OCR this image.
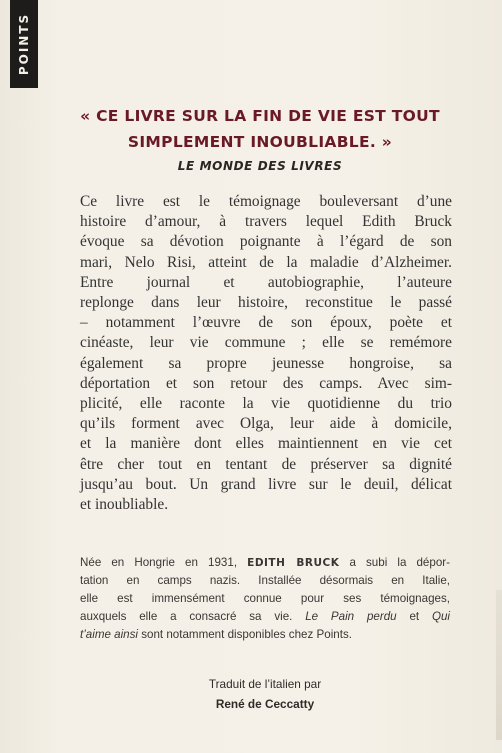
POINTS
« CE LIVRE SUR LA FIN DE VIE EST TOUT
SIMPLEMENT INOUBLIABLE. »
LE MONDE DES LIVRES
Ce livre est le témoignage bouleversant d’une
histoire d’amour, à travers lequel Edith Bruck
évoque sa dévotion poignante à l’égard de son
mari, Nelo Risi, atteint de la maladie d’Alzheimer.
Entre journal et autobiographie, l’auteure
replonge dans leur histoire, reconstitue le passé
– notamment l’œuvre de son époux, poète et
cinéaste, leur vie commune ; elle se remémore
également sa propre jeunesse hongroise, sa
déportation et son retour des camps. Avec sim-
plicité, elle raconte la vie quotidienne du trio
qu’ils forment avec Olga, leur aide à domicile,
et la manière dont elles maintiennent en vie cet
être cher tout en tentant de préserver sa dignité
jusqu’au bout. Un grand livre sur le deuil, délicat
et inoubliable.
Née en Hongrie en 1931, EDITH BRUCK a subi la dépor-
tation en camps nazis. Installée désormais en Italie,
elle est immensément connue pour ses témoignages,
auxquels elle a consacré sa vie. Le Pain perdu et Qui
t’aime ainsi sont notamment disponibles chez Points.
Traduit de l’italien par
René de Ceccatty
